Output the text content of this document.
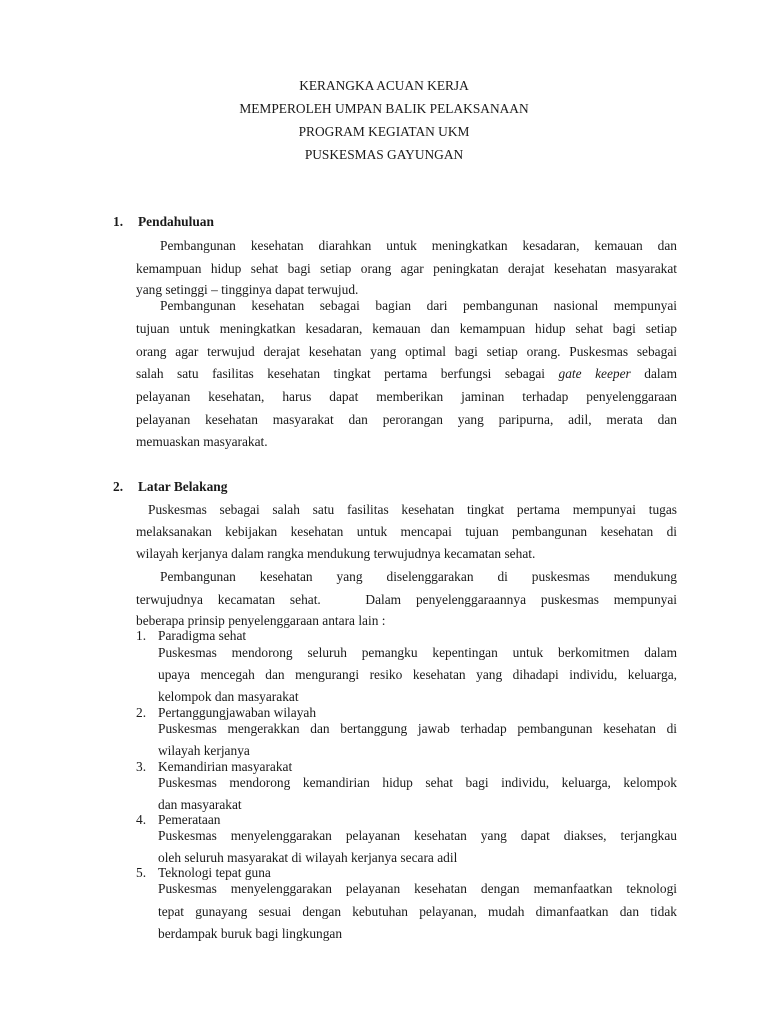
KERANGKA ACUAN KERJA
MEMPEROLEH UMPAN BALIK PELAKSANAAN
PROGRAM KEGIATAN UKM
PUSKESMAS GAYUNGAN
1. Pendahuluan
Pembangunan kesehatan diarahkan untuk meningkatkan kesadaran, kemauan dan
kemampuan hidup sehat bagi setiap orang agar peningkatan derajat kesehatan masyarakat
yang setinggi – tingginya dapat terwujud.
Pembangunan kesehatan sebagai bagian dari pembangunan nasional mempunyai
tujuan untuk meningkatkan kesadaran, kemauan dan kemampuan hidup sehat bagi setiap
orang agar terwujud derajat kesehatan yang optimal bagi setiap orang. Puskesmas sebagai
salah satu fasilitas kesehatan tingkat pertama berfungsi sebagai gate keeper dalam
pelayanan kesehatan, harus dapat memberikan jaminan terhadap penyelenggaraan
pelayanan kesehatan masyarakat dan perorangan yang paripurna, adil, merata dan
memuaskan masyarakat.
2. Latar Belakang
Puskesmas sebagai salah satu fasilitas kesehatan tingkat pertama mempunyai tugas
melaksanakan kebijakan kesehatan untuk mencapai tujuan pembangunan kesehatan di
wilayah kerjanya dalam rangka mendukung terwujudnya kecamatan sehat.
Pembangunan kesehatan yang diselenggarakan di puskesmas mendukung
terwujudnya kecamatan sehat.   Dalam penyelenggaraannya puskesmas mempunyai
beberapa prinsip penyelenggaraan antara lain :
1. Paradigma sehat
Puskesmas mendorong seluruh pemangku kepentingan untuk berkomitmen dalam
upaya mencegah dan mengurangi resiko kesehatan yang dihadapi individu, keluarga,
kelompok dan masyarakat
2. Pertanggungjawaban wilayah
Puskesmas mengerakkan dan bertanggung jawab terhadap pembangunan kesehatan di
wilayah kerjanya
3. Kemandirian masyarakat
Puskesmas mendorong kemandirian hidup sehat bagi individu, keluarga, kelompok
dan masyarakat
4. Pemerataan
Puskesmas menyelenggarakan pelayanan kesehatan yang dapat diakses, terjangkau
oleh seluruh masyarakat di wilayah kerjanya secara adil
5. Teknologi tepat guna
Puskesmas menyelenggarakan pelayanan kesehatan dengan memanfaatkan teknologi
tepat gunayang sesuai dengan kebutuhan pelayanan, mudah dimanfaatkan dan tidak
berdampak buruk bagi lingkungan
